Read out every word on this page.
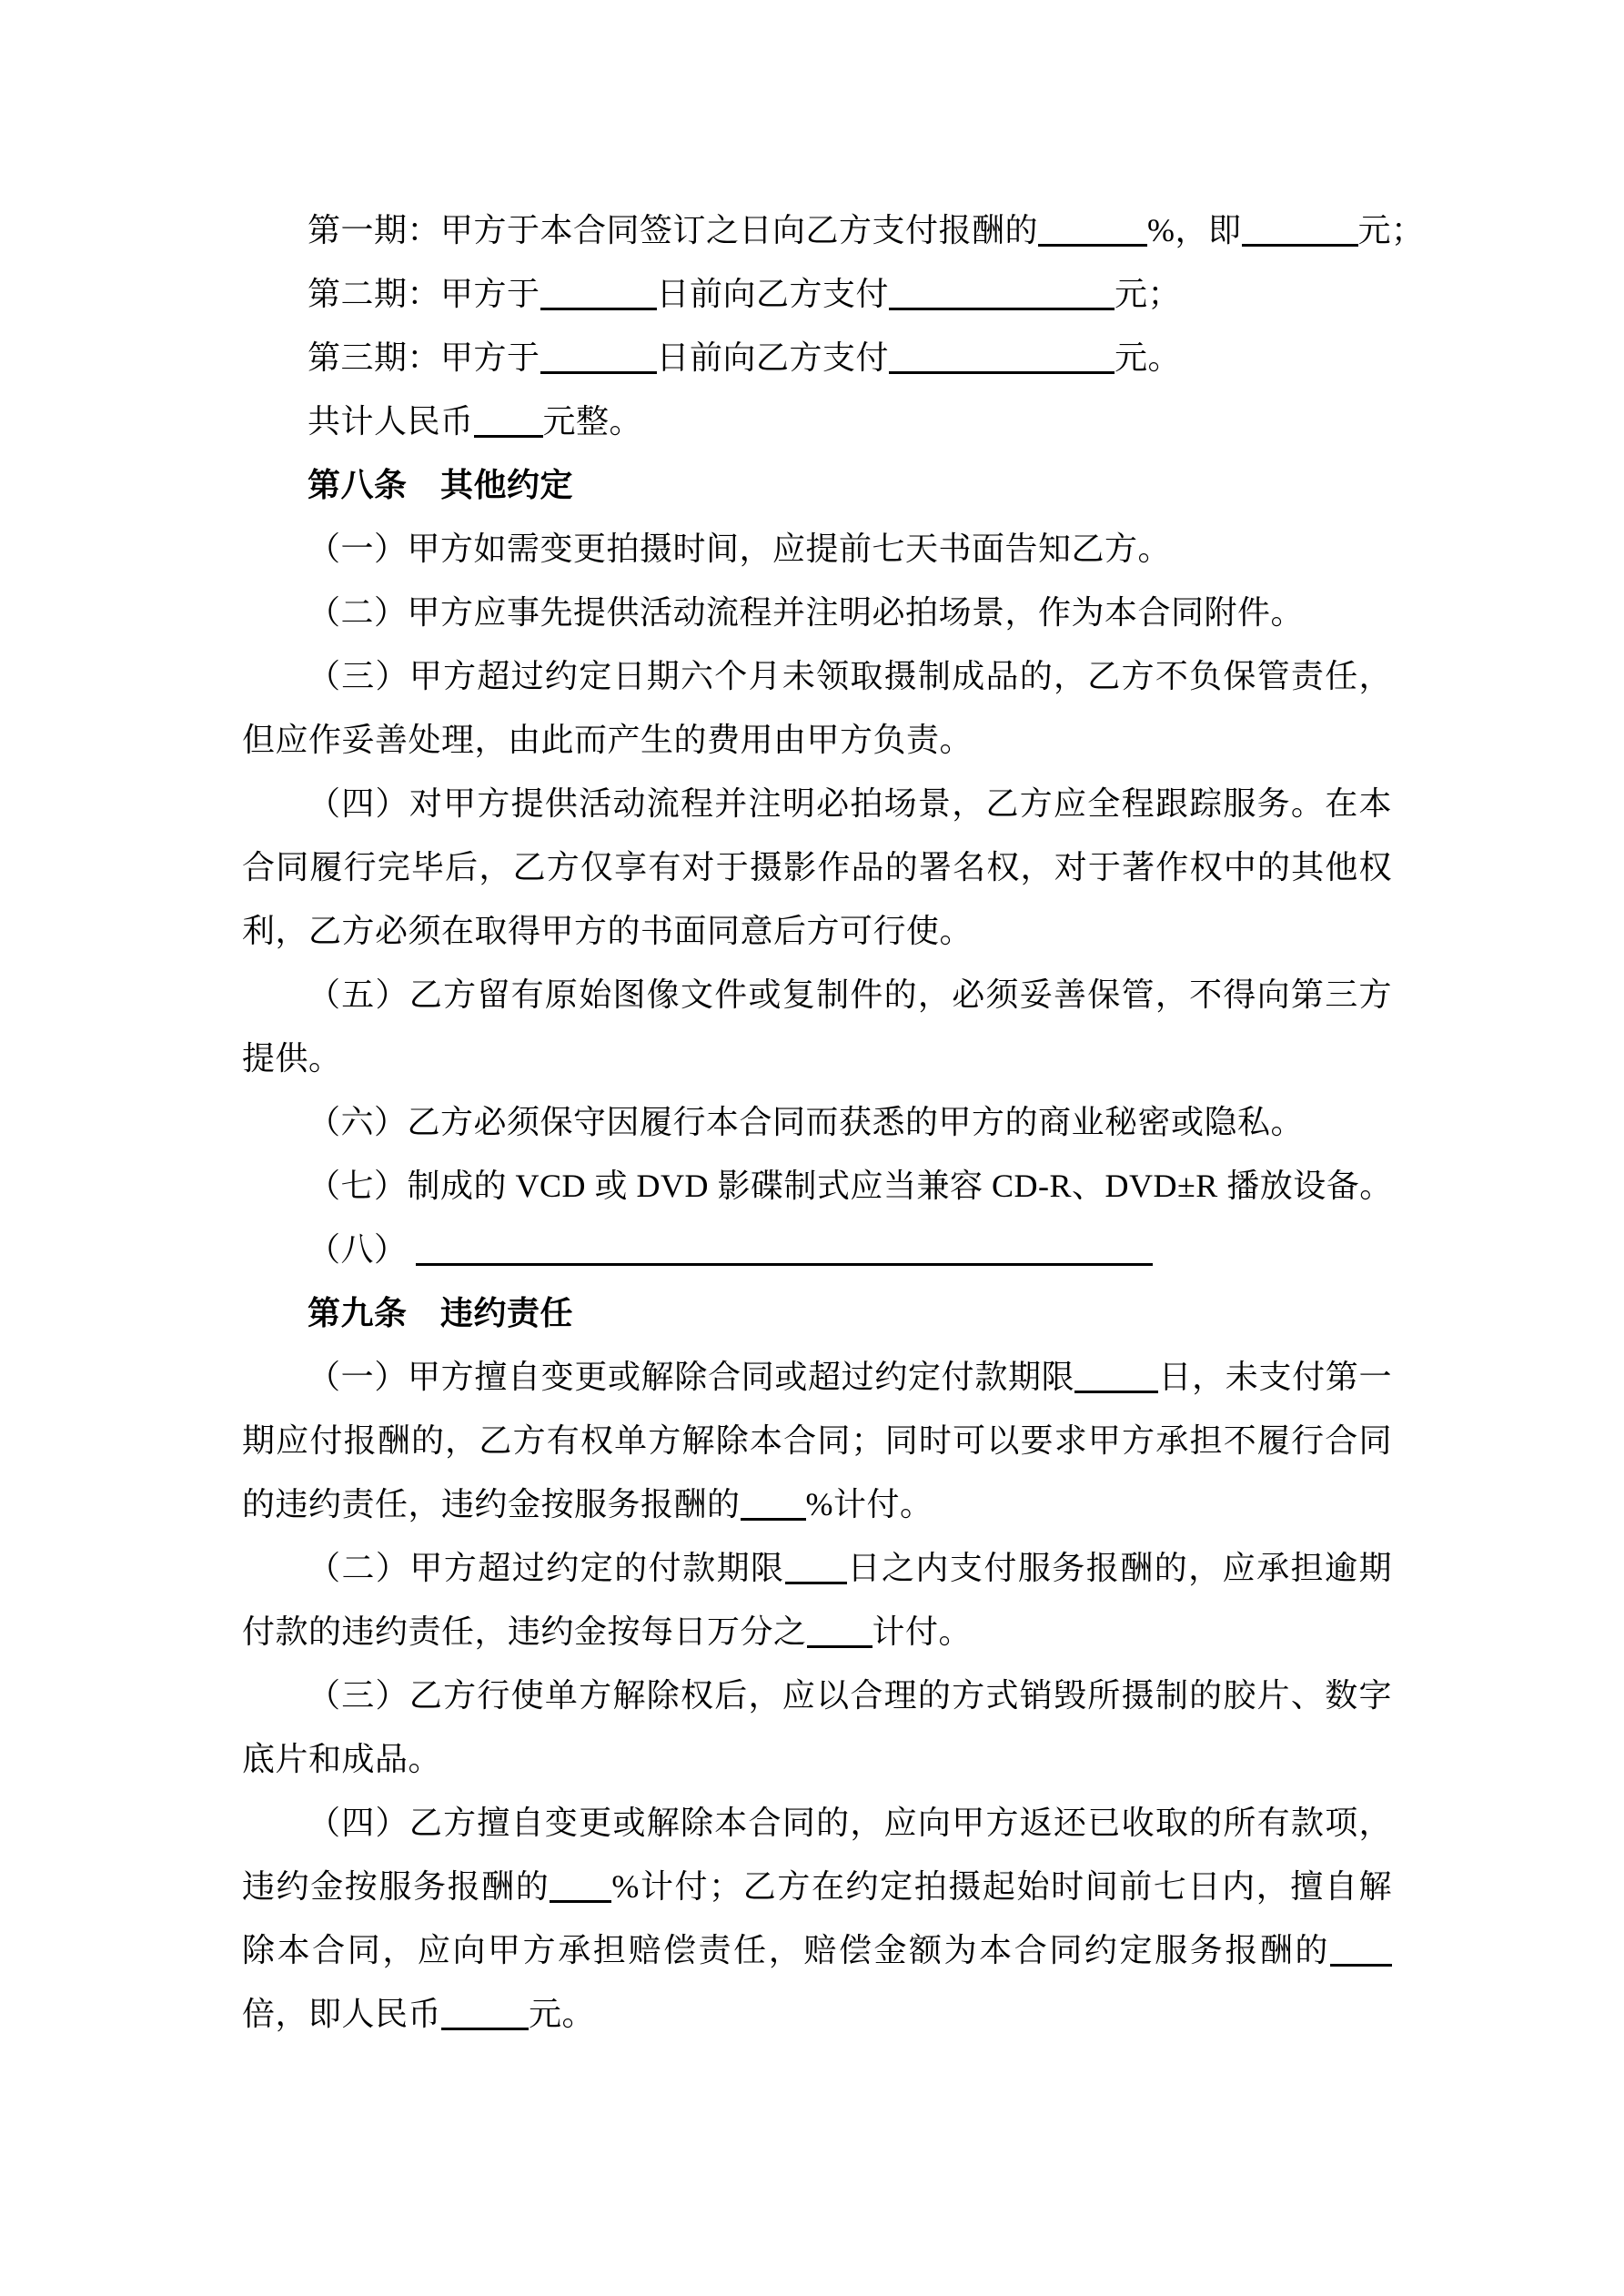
第一期：甲方于本合同签订之日向乙方支付报酬的	%，即	元；

第二期：甲方于	日前向乙方支付	元；

第三期：甲方于	日前向乙方支付	元。

共计人民币 元整。

第八条　其他约定

（一）甲方如需变更拍摄时间，应提前七天书面告知乙方。

（二）甲方应事先提供活动流程并注明必拍场景，作为本合同附件。

（三）甲方超过约定日期六个月未领取摄制成品的，乙方不负保管责任，但应作妥善处理，由此而产生的费用由甲方负责。

（四）对甲方提供活动流程并注明必拍场景，乙方应全程跟踪服务。在本合同履行完毕后，乙方仅享有对于摄影作品的署名权，对于著作权中的其他权利，乙方必须在取得甲方的书面同意后方可行使。

（五）乙方留有原始图像文件或复制件的，必须妥善保管，不得向第三方提供。

（六）乙方必须保守因履行本合同而获悉的甲方的商业秘密或隐私。

（七）制成的 VCD 或 DVD 影碟制式应当兼容 CD-R、DVD±R 播放设备。

（八）

第九条　违约责任

（一）甲方擅自变更或解除合同或超过约定付款期限	日，未支付第一期应付报酬的，乙方有权单方解除本合同；同时可以要求甲方承担不履行合同的违约责任，违约金按服务报酬的 %计付。

（二）甲方超过约定的付款期限 日之内支付服务报酬的，应承担逾期付款的违约责任，违约金按每日万分之 计付。

（三）乙方行使单方解除权后，应以合理的方式销毁所摄制的胶片、数字底片和成品。

（四）乙方擅自变更或解除本合同的，应向甲方返还已收取的所有款项，违约金按服务报酬的 %计付；乙方在约定拍摄起始时间前七日内，擅自解除本合同，应向甲方承担赔偿责任，赔偿金额为本合同约定服务报酬的倍，即人民币	元。
